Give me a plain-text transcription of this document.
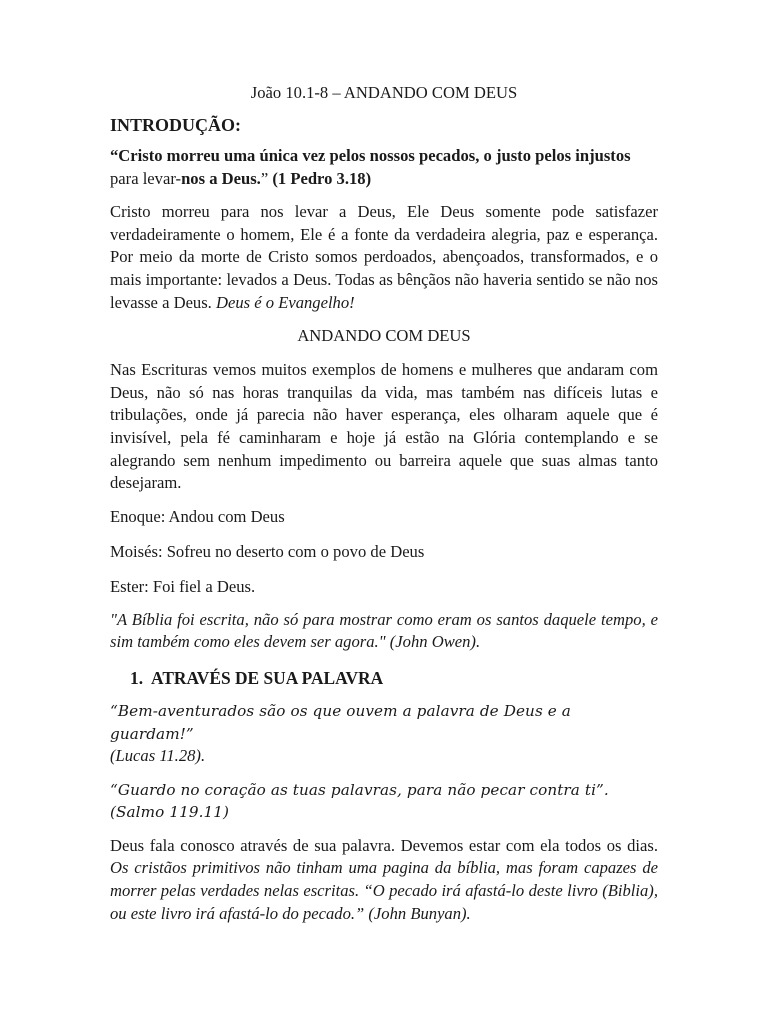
João 10.1-8 – ANDANDO COM DEUS

INTRODUÇÃO:

“Cristo morreu uma única vez pelos nossos pecados, o justo pelos injustos
para levar-nos a Deus.” (1 Pedro 3.18)

Cristo morreu para nos levar a Deus, Ele Deus somente pode satisfazer verdadeiramente o homem, Ele é a fonte da verdadeira alegria, paz e esperança. Por meio da morte de Cristo somos perdoados, abençoados, transformados, e o mais importante: levados a Deus. Todas as bênçãos não haveria sentido se não nos levasse a Deus. Deus é o Evangelho!

ANDANDO COM DEUS

Nas Escrituras vemos muitos exemplos de homens e mulheres que andaram com Deus, não só nas horas tranquilas da vida, mas também nas difíceis lutas e tribulações, onde já parecia não haver esperança, eles olharam aquele que é invisível, pela fé caminharam e hoje já estão na Glória contemplando e se alegrando sem nenhum impedimento ou barreira aquele que suas almas tanto desejaram.

Enoque: Andou com Deus

Moisés: Sofreu no deserto com o povo de Deus

Ester: Foi fiel a Deus.

"A Bíblia foi escrita, não só para mostrar como eram os santos daquele tempo, e sim também como eles devem ser agora." (John Owen).

1. ATRAVÉS DE SUA PALAVRA

“Bem-aventurados são os que ouvem a palavra de Deus e a guardam!”
(Lucas 11.28).

“Guardo no coração as tuas palavras, para não pecar contra ti”.
(Salmo 119.11)

Deus fala conosco através de sua palavra. Devemos estar com ela todos os dias. Os cristãos primitivos não tinham uma pagina da bíblia, mas foram capazes de morrer pelas verdades nelas escritas. “O pecado irá afastá-lo deste livro (Biblia), ou este livro irá afastá-lo do pecado.” (John Bunyan).
